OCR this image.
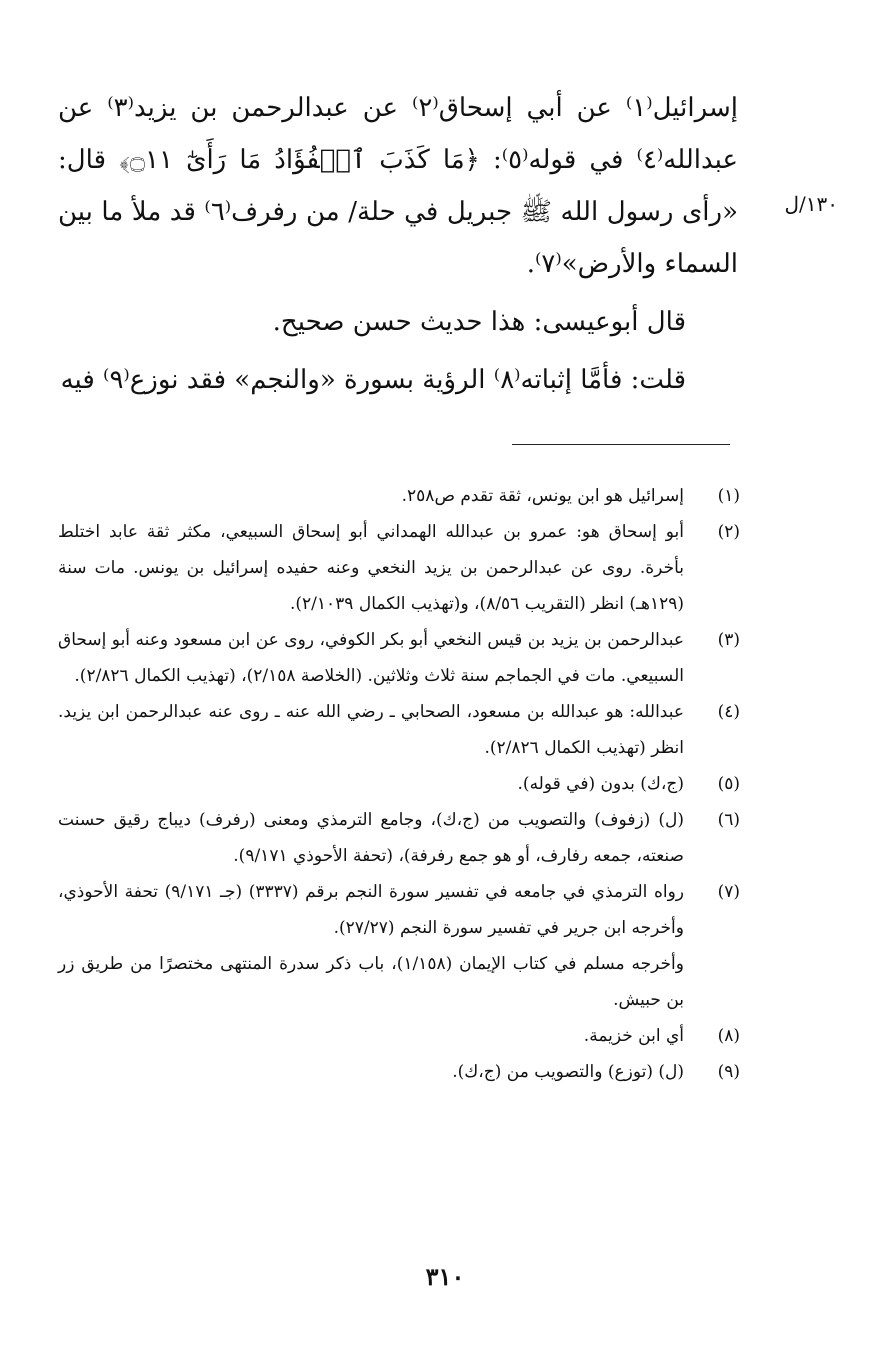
١٣٠/ل

إسرائيل⁽١⁾ عن أبي إسحاق⁽٢⁾ عن عبدالرحمن بن يزيد⁽٣⁾ عن عبدالله⁽٤⁾ في قوله⁽٥⁾: ﴿مَا كَذَبَ ٱلۡفُؤَادُ مَا رَأَىٰٓ ۝١١﴾ قال: «رأى رسول الله ﷺ جبريل في حلة/ من رفرف⁽٦⁾ قد ملأ ما بين السماء والأرض»⁽٧⁾.

قال أبوعيسى: هذا حديث حسن صحيح.

قلت: فأمَّا إثباته⁽٨⁾ الرؤية بسورة «والنجم» فقد نوزع⁽٩⁾ فيه

(١)
إسرائيل هو ابن يونس، ثقة تقدم ص٢٥٨.
(٢)
أبو إسحاق هو: عمرو بن عبدالله الهمداني أبو إسحاق السبيعي، مكثر ثقة عابد اختلط بأخرة. روى عن عبدالرحمن بن يزيد النخعي وعنه حفيده إسرائيل بن يونس. مات سنة (١٢٩هـ) انظر (التقريب ٨/٥٦)، و(تهذيب الكمال ٢/١٠٣٩).
(٣)
عبدالرحمن بن يزيد بن قيس النخعي أبو بكر الكوفي، روى عن ابن مسعود وعنه أبو إسحاق السبيعي. مات في الجماجم سنة ثلاث وثلاثين. (الخلاصة ٢/١٥٨)، (تهذيب الكمال ٢/٨٢٦).
(٤)
عبدالله: هو عبدالله بن مسعود، الصحابي ـ رضي الله عنه ـ روى عنه عبدالرحمن ابن يزيد. انظر (تهذيب الكمال ٢/٨٢٦).
(٥)
(ج،ك) بدون (في قوله).
(٦)
(ل) (زفوف) والتصويب من (ج،ك)، وجامع الترمذي ومعنى (رفرف) ديباج رقيق حسنت صنعته، جمعه رفارف، أو هو جمع رفرفة)، (تحفة الأحوذي ٩/١٧١).
(٧)
رواه الترمذي في جامعه في تفسير سورة النجم برقم (٣٣٣٧) (جـ ٩/١٧١) تحفة الأحوذي، وأخرجه ابن جرير في تفسير سورة النجم (٢٧/٢٧).
وأخرجه مسلم في كتاب الإيمان (١/١٥٨)، باب ذكر سدرة المنتهى مختصرًا من طريق زر بن حبيش.
(٨)
أي ابن خزيمة.
(٩)
(ل) (توزع) والتصويب من (ج،ك).
٣١٠
